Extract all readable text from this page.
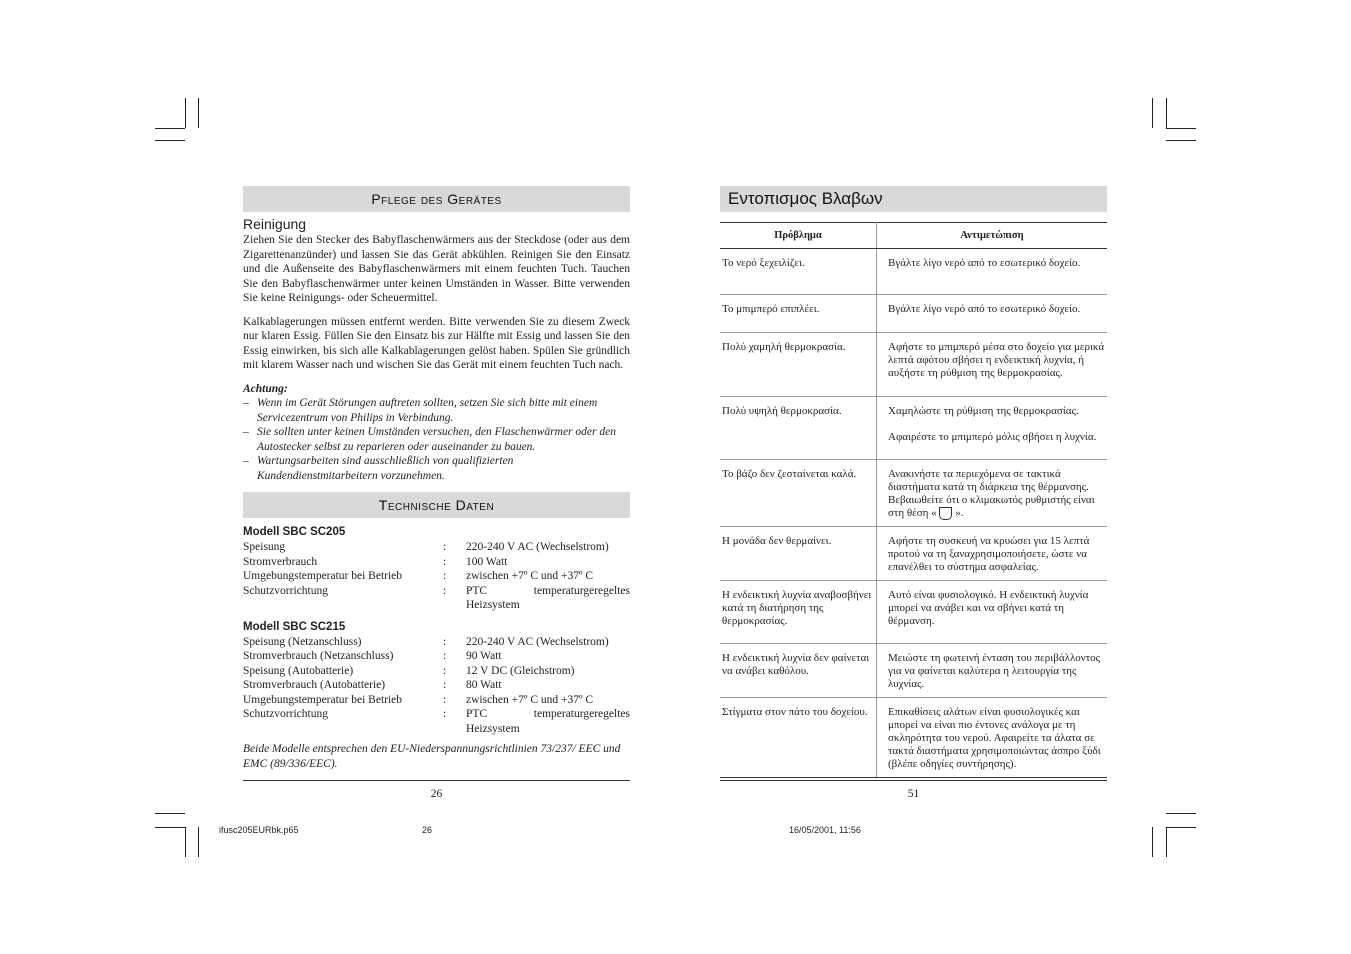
Pflege des Gerätes
Reinigung

Ziehen Sie den Stecker des Babyflaschenwärmers aus der Steckdose (oder aus dem Zigarettenanzünder) und lassen Sie das Gerät abkühlen. Reinigen Sie den Einsatz und die Außenseite des Babyflaschenwärmers mit einem feuchten Tuch. Tauchen Sie den Babyflaschenwärmer unter keinen Umständen in Wasser. Bitte verwenden Sie keine Reinigungs- oder Scheuermittel.

Kalkablagerungen müssen entfernt werden. Bitte verwenden Sie zu diesem Zweck nur klaren Essig. Füllen Sie den Einsatz bis zur Hälfte mit Essig und lassen Sie den Essig einwirken, bis sich alle Kalkablagerungen gelöst haben. Spülen Sie gründlich mit klarem Wasser nach und wischen Sie das Gerät mit einem feuchten Tuch nach.

Achtung:
– Wenn im Gerät Störungen auftreten sollten, setzen Sie sich bitte mit einem Servicezentrum von Philips in Verbindung.
– Sie sollten unter keinen Umständen versuchen, den Flaschenwärmer oder den Autostecker selbst zu reparieren oder auseinander zu bauen.
– Wartungsarbeiten sind ausschließlich von qualifizierten Kundendienstmitarbeitern vorzunehmen.
Technische Daten
Modell SBC SC205
Speisung	:	220-240 V AC (Wechselstrom)
Stromverbrauch	:	100 Watt
Umgebungstemperatur bei Betrieb	:	zwischen +7º C und +37º C
Schutzvorrichtung	:	PTC temperaturgeregeltes Heizsystem
Modell SBC SC215
Speisung (Netzanschluss)	:	220-240 V AC (Wechselstrom)
Stromverbrauch (Netzanschluss)	:	90 Watt
Speisung (Autobatterie)	:	12 V DC (Gleichstrom)
Stromverbrauch (Autobatterie)	:	80 Watt
Umgebungstemperatur bei Betrieb	:	zwischen +7º C und +37º C
Schutzvorrichtung	:	PTC temperaturgeregeltes Heizsystem
Beide Modelle entsprechen den EU-Niederspannungsrichtlinien 73/237/ EEC und EMC (89/336/EEC).
26
Εντοπισμος Βλαβων
Πρόβλημα	Αντιμετώπιση
Το νερό ξεχειλίζει.	Βγάλτε λίγο νερό από το εσωτερικό δοχείο.
Το μπιμπερό επιπλέει.	Βγάλτε λίγο νερό από το εσωτερικό δοχείο.
Πολύ χαμηλή θερμοκρασία.	Αφήστε το μπιμπερό μέσα στο δοχείο για μερικά λεπτά αφότου σβήσει η ενδεικτική λυχνία, ή αυξήστε τη ρύθμιση της θερμοκρασίας.
Πολύ υψηλή θερμοκρασία.	Χαμηλώστε τη ρύθμιση της θερμοκρασίας.
Αφαιρέστε το μπιμπερό μόλις σβήσει η λυχνία.

Το βάζο δεν ζεσταίνεται καλά.	Ανακινήστε τα περιεχόμενα σε τακτικά διαστήματα κατά τη διάρκεια της θέρμανσης. Βεβαιωθείτε ότι ο κλιμακωτός ρυθμιστής είναι στη θέση « ».
Η μονάδα δεν θερμαίνει.	Αφήστε τη συσκευή να κρυώσει για 15 λεπτά προτού να τη ξαναχρησιμοποιήσετε, ώστε να επανέλθει το σύστημα ασφαλείας.
Η ενδεικτική λυχνία αναβοσβήνει κατά τη διατήρηση της θερμοκρασίας.	Αυτό είναι φυσιολογικό. Η ενδεικτική λυχνία μπορεί να ανάβει και να σβήνει κατά τη θέρμανση.
Η ενδεικτική λυχνία δεν φαίνεται να ανάβει καθόλου.	Μειώστε τη φωτεινή ένταση του περιβάλλοντος για να φαίνεται καλύτερα η λειτουργία της λυχνίας.
Στίγματα στον πάτο του δοχείου.	Επικαθίσεις αλάτων είναι φυσιολογικές και μπορεί να είναι πιο έντονες ανάλογα με τη σκληρότητα του νερού. Αφαιρείτε τα άλατα σε τακτά διαστήματα χρησιμοποιώντας άσπρο ξύδι (βλέπε οδηγίες συντήρησης).
51
ifusc205EURbk.p65	26	16/05/2001, 11:56
